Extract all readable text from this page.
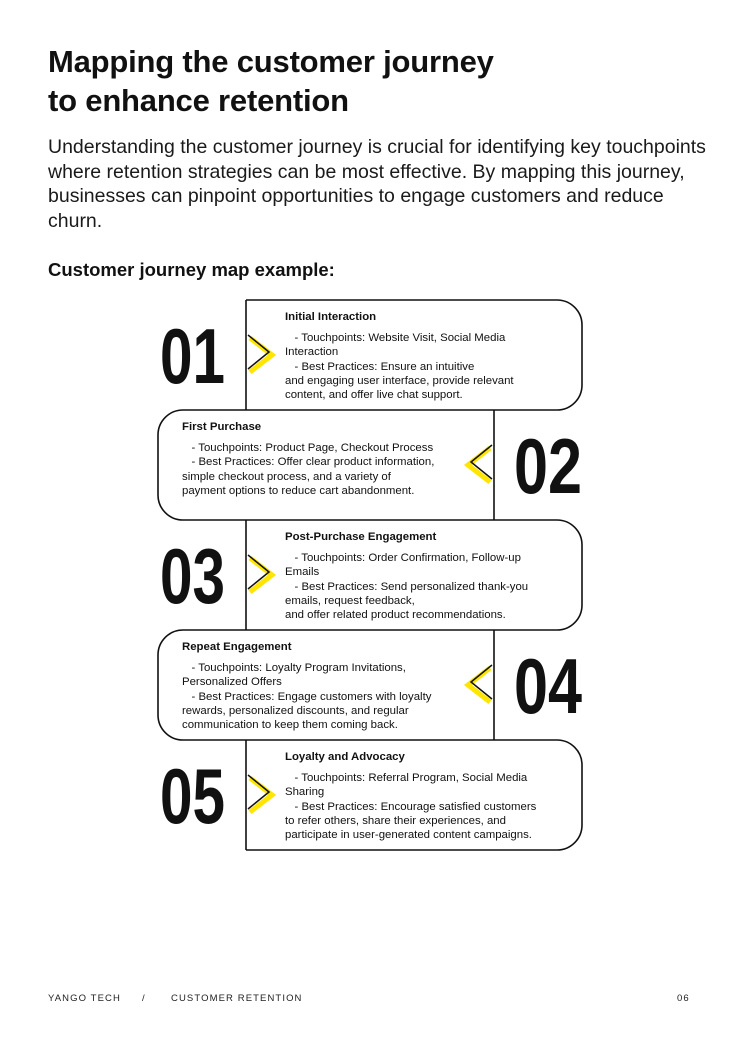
Mapping the customer journey
to enhance retention

Understanding the customer journey is crucial for identifying key touchpoints where retention strategies can be most effective. By mapping this journey, businesses can pinpoint opportunities to engage customers and reduce churn.

Customer journey map example:
01
02
03
04
05
Initial Interaction
- Touchpoints: Website Visit, Social Media
Interaction
- Best Practices: Ensure an intuitive
and engaging user interface, provide relevant
content, and offer live chat support.
First Purchase
- Touchpoints: Product Page, Checkout Process
- Best Practices: Offer clear product information,
simple checkout process, and a variety of
payment options to reduce cart abandonment.
Post-Purchase Engagement
- Touchpoints: Order Confirmation, Follow-up
Emails
- Best Practices: Send personalized thank-you
emails, request feedback,
and offer related product recommendations.
Repeat Engagement
- Touchpoints: Loyalty Program Invitations,
Personalized Offers
- Best Practices: Engage customers with loyalty
rewards, personalized discounts, and regular
communication to keep them coming back.
Loyalty and Advocacy
- Touchpoints: Referral Program, Social Media
Sharing
- Best Practices: Encourage satisfied customers
to refer others, share their experiences, and
participate in user-generated content campaigns.
YANGO TECH /	CUSTOMER RETENTION	06
